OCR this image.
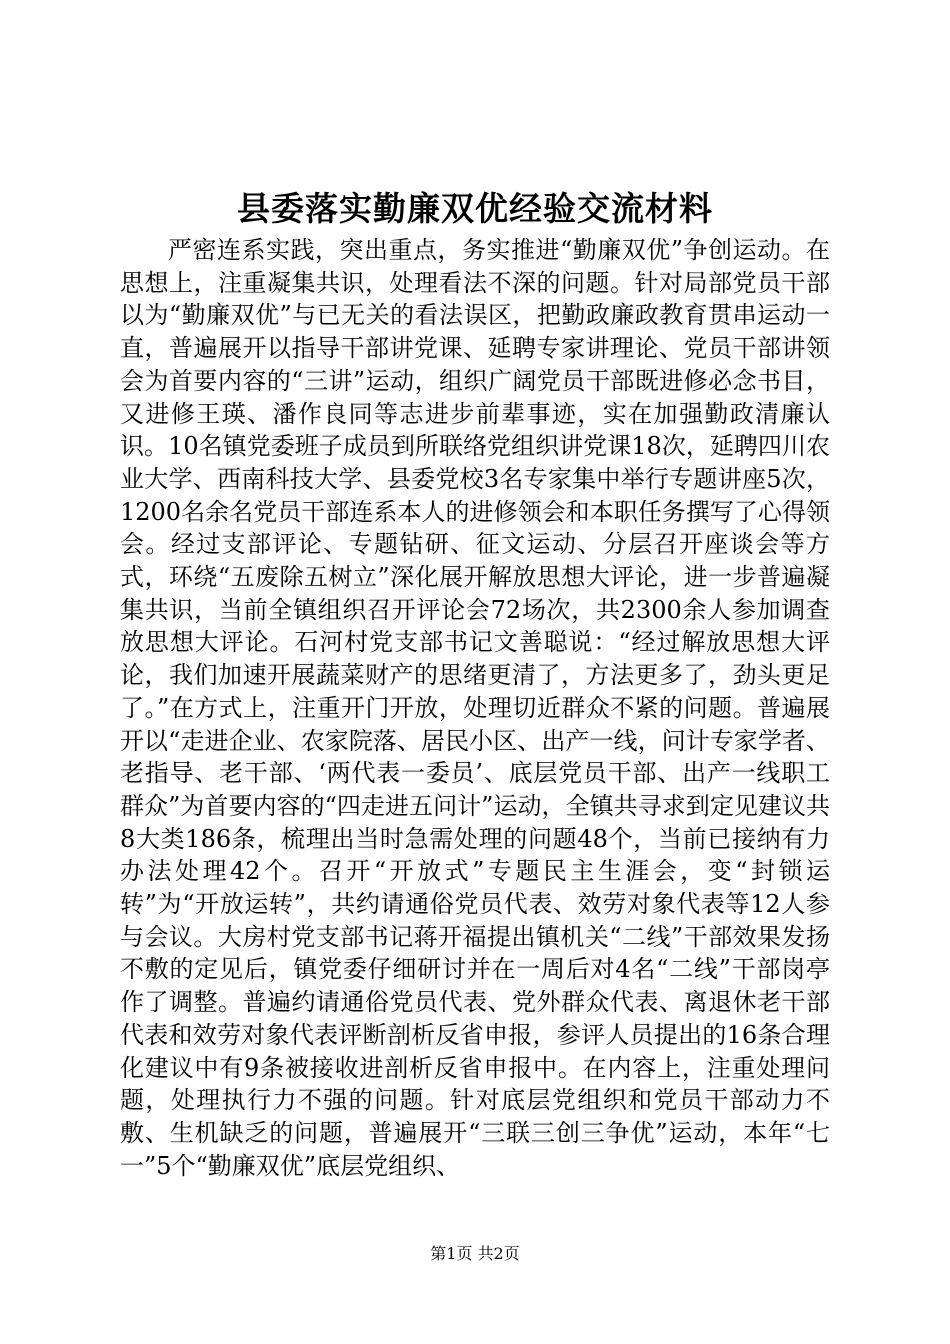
县委落实勤廉双优经验交流材料

严密连系实践，突出重点，务实推进“勤廉双优”争创运动。在思想上，注重凝集共识，处理看法不深的问题。针对局部党员干部以为“勤廉双优”与已无关的看法误区，把勤政廉政教育贯串运动一直，普遍展开以指导干部讲党课、延聘专家讲理论、党员干部讲领会为首要内容的“三讲”运动，组织广阔党员干部既进修必念书目，又进修王瑛、潘作良同等志进步前辈事迹，实在加强勤政清廉认识。10名镇党委班子成员到所联络党组织讲党课18次，延聘四川农业大学、西南科技大学、县委党校3名专家集中举行专题讲座5次，1200名余名党员干部连系本人的进修领会和本职任务撰写了心得领会。经过支部评论、专题钻研、征文运动、分层召开座谈会等方式，环绕“五废除五树立”深化展开解放思想大评论，进一步普遍凝集共识，当前全镇组织召开评论会72场次，共2300余人参加调查放思想大评论。石河村党支部书记文善聪说：“经过解放思想大评论，我们加速开展蔬菜财产的思绪更清了，方法更多了，劲头更足了。”在方式上，注重开门开放，处理切近群众不紧的问题。普遍展开以“走进企业、农家院落、居民小区、出产一线，问计专家学者、老指导、老干部、‘两代表一委员’、底层党员干部、出产一线职工群众”为首要内容的“四走进五问计”运动，全镇共寻求到定见建议共8大类186条，梳理出当时急需处理的问题48个，当前已接纳有力办法处理42个。召开“开放式”专题民主生涯会，变“封锁运转”为“开放运转”，共约请通俗党员代表、效劳对象代表等12人参与会议。大房村党支部书记蒋开福提出镇机关“二线”干部效果发扬不敷的定见后，镇党委仔细研讨并在一周后对4名“二线”干部岗亭作了调整。普遍约请通俗党员代表、党外群众代表、离退休老干部代表和效劳对象代表评断剖析反省申报，参评人员提出的16条合理化建议中有9条被接收进剖析反省申报中。在内容上，注重处理问题，处理执行力不强的问题。针对底层党组织和党员干部动力不敷、生机缺乏的问题，普遍展开“三联三创三争优”运动，本年“七一”5个“勤廉双优”底层党组织、

第1页 共2页
